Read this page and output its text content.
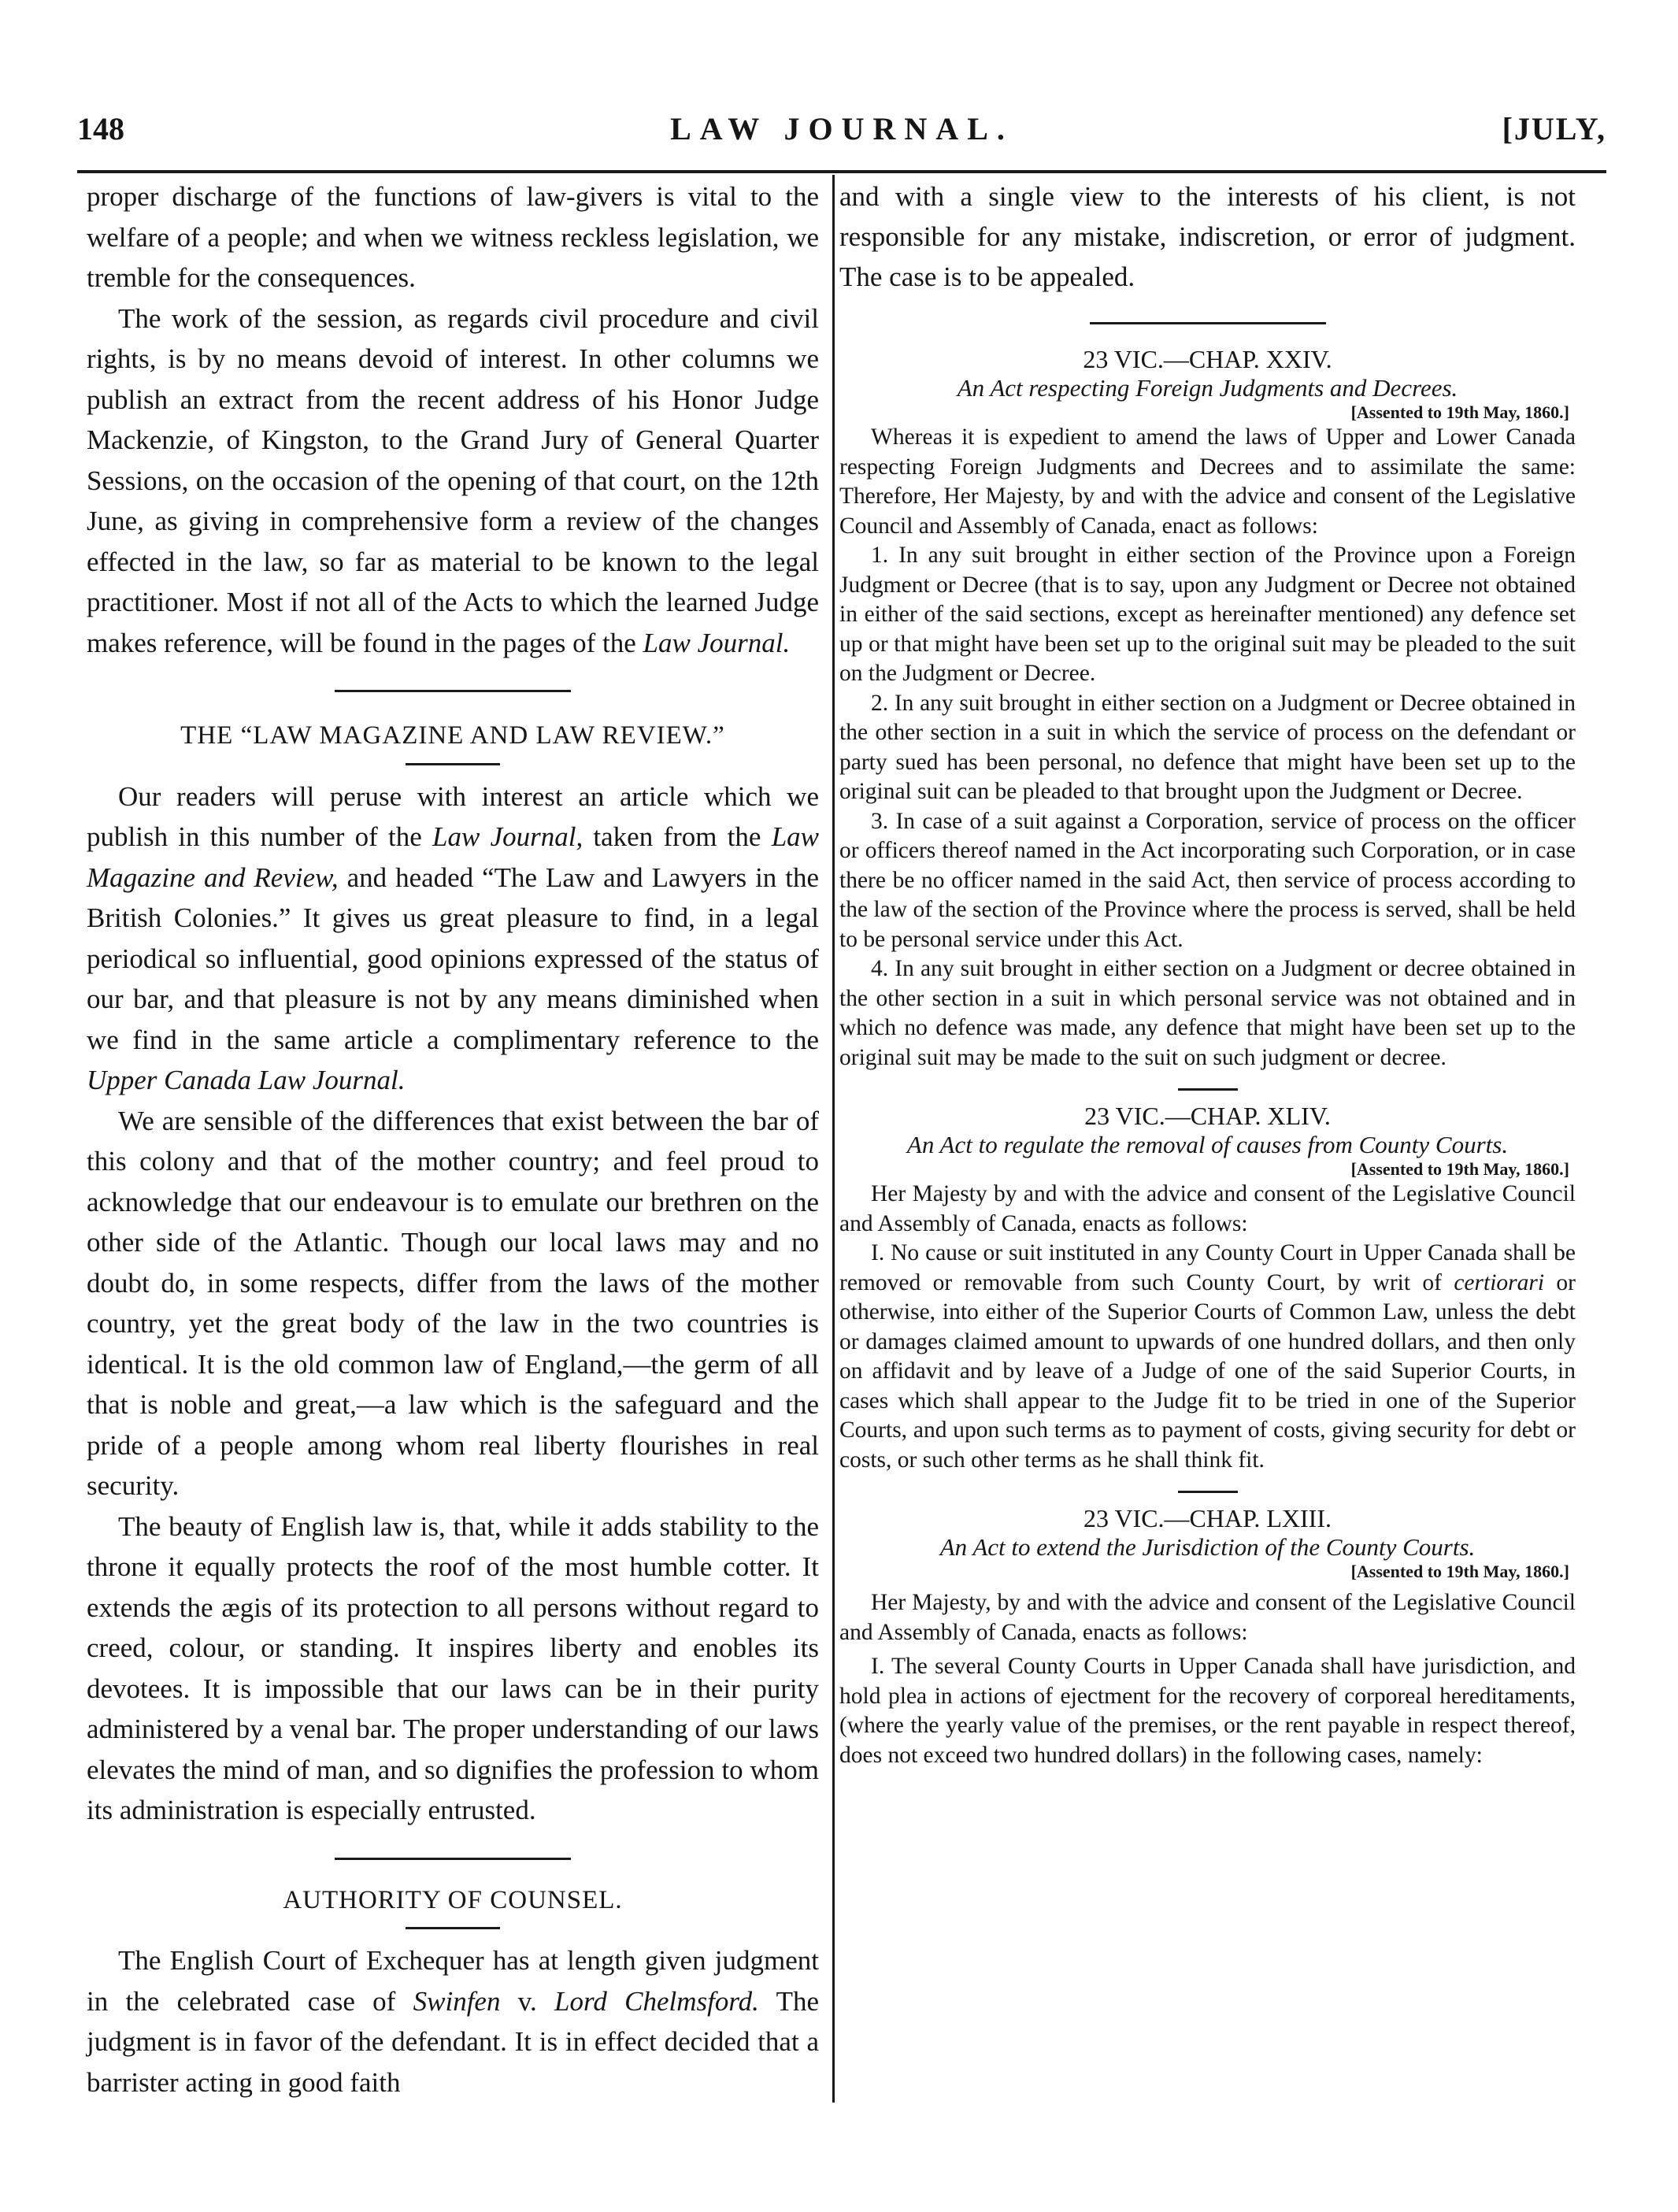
148	LAW JOURNAL.	[JULY,

proper discharge of the functions of law-givers is vital to the welfare of a people; and when we witness reckless legislation, we tremble for the consequences.

The work of the session, as regards civil procedure and civil rights, is by no means devoid of interest. In other columns we publish an extract from the recent address of his Honor Judge Mackenzie, of Kingston, to the Grand Jury of General Quarter Sessions, on the occasion of the opening of that court, on the 12th June, as giving in comprehensive form a review of the changes effected in the law, so far as material to be known to the legal practitioner. Most if not all of the Acts to which the learned Judge makes reference, will be found in the pages of the Law Journal.

THE “LAW MAGAZINE AND LAW REVIEW.”

Our readers will peruse with interest an article which we publish in this number of the Law Journal, taken from the Law Magazine and Review, and headed “The Law and Lawyers in the British Colonies.” It gives us great pleasure to find, in a legal periodical so influential, good opinions expressed of the status of our bar, and that pleasure is not by any means diminished when we find in the same article a complimentary reference to the Upper Canada Law Journal.

We are sensible of the differences that exist between the bar of this colony and that of the mother country; and feel proud to acknowledge that our endeavour is to emulate our brethren on the other side of the Atlantic. Though our local laws may and no doubt do, in some respects, differ from the laws of the mother country, yet the great body of the law in the two countries is identical. It is the old common law of England,—the germ of all that is noble and great,—a law which is the safeguard and the pride of a people among whom real liberty flourishes in real security.

The beauty of English law is, that, while it adds stability to the throne it equally protects the roof of the most humble cotter. It extends the ægis of its protection to all persons without regard to creed, colour, or standing. It inspires liberty and enobles its devotees. It is impossible that our laws can be in their purity administered by a venal bar. The proper understanding of our laws elevates the mind of man, and so dignifies the profession to whom its administration is especially entrusted.

AUTHORITY OF COUNSEL.

The English Court of Exchequer has at length given judgment in the celebrated case of Swinfen v. Lord Chelmsford. The judgment is in favor of the defendant. It is in effect decided that a barrister acting in good faith

and with a single view to the interests of his client, is not responsible for any mistake, indiscretion, or error of judgment. The case is to be appealed.

23 VIC.—CHAP. XXIV.
An Act respecting Foreign Judgments and Decrees.
[Assented to 19th May, 1860.]

Whereas it is expedient to amend the laws of Upper and Lower Canada respecting Foreign Judgments and Decrees and to assimilate the same: Therefore, Her Majesty, by and with the advice and consent of the Legislative Council and Assembly of Canada, enact as follows:

1. In any suit brought in either section of the Province upon a Foreign Judgment or Decree (that is to say, upon any Judgment or Decree not obtained in either of the said sections, except as hereinafter mentioned) any defence set up or that might have been set up to the original suit may be pleaded to the suit on the Judgment or Decree.

2. In any suit brought in either section on a Judgment or Decree obtained in the other section in a suit in which the service of process on the defendant or party sued has been personal, no defence that might have been set up to the original suit can be pleaded to that brought upon the Judgment or Decree.

3. In case of a suit against a Corporation, service of process on the officer or officers thereof named in the Act incorporating such Corporation, or in case there be no officer named in the said Act, then service of process according to the law of the section of the Province where the process is served, shall be held to be personal service under this Act.

4. In any suit brought in either section on a Judgment or decree obtained in the other section in a suit in which personal service was not obtained and in which no defence was made, any defence that might have been set up to the original suit may be made to the suit on such judgment or decree.

23 VIC.—CHAP. XLIV.
An Act to regulate the removal of causes from County Courts.
[Assented to 19th May, 1860.]

Her Majesty by and with the advice and consent of the Legislative Council and Assembly of Canada, enacts as follows:

I. No cause or suit instituted in any County Court in Upper Canada shall be removed or removable from such County Court, by writ of certiorari or otherwise, into either of the Superior Courts of Common Law, unless the debt or damages claimed amount to upwards of one hundred dollars, and then only on affidavit and by leave of a Judge of one of the said Superior Courts, in cases which shall appear to the Judge fit to be tried in one of the Superior Courts, and upon such terms as to payment of costs, giving security for debt or costs, or such other terms as he shall think fit.

23 VIC.—CHAP. LXIII.
An Act to extend the Jurisdiction of the County Courts.
[Assented to 19th May, 1860.]

Her Majesty, by and with the advice and consent of the Legislative Council and Assembly of Canada, enacts as follows:

I. The several County Courts in Upper Canada shall have jurisdiction, and hold plea in actions of ejectment for the recovery of corporeal hereditaments, (where the yearly value of the premises, or the rent payable in respect thereof, does not exceed two hundred dollars) in the following cases, namely:
